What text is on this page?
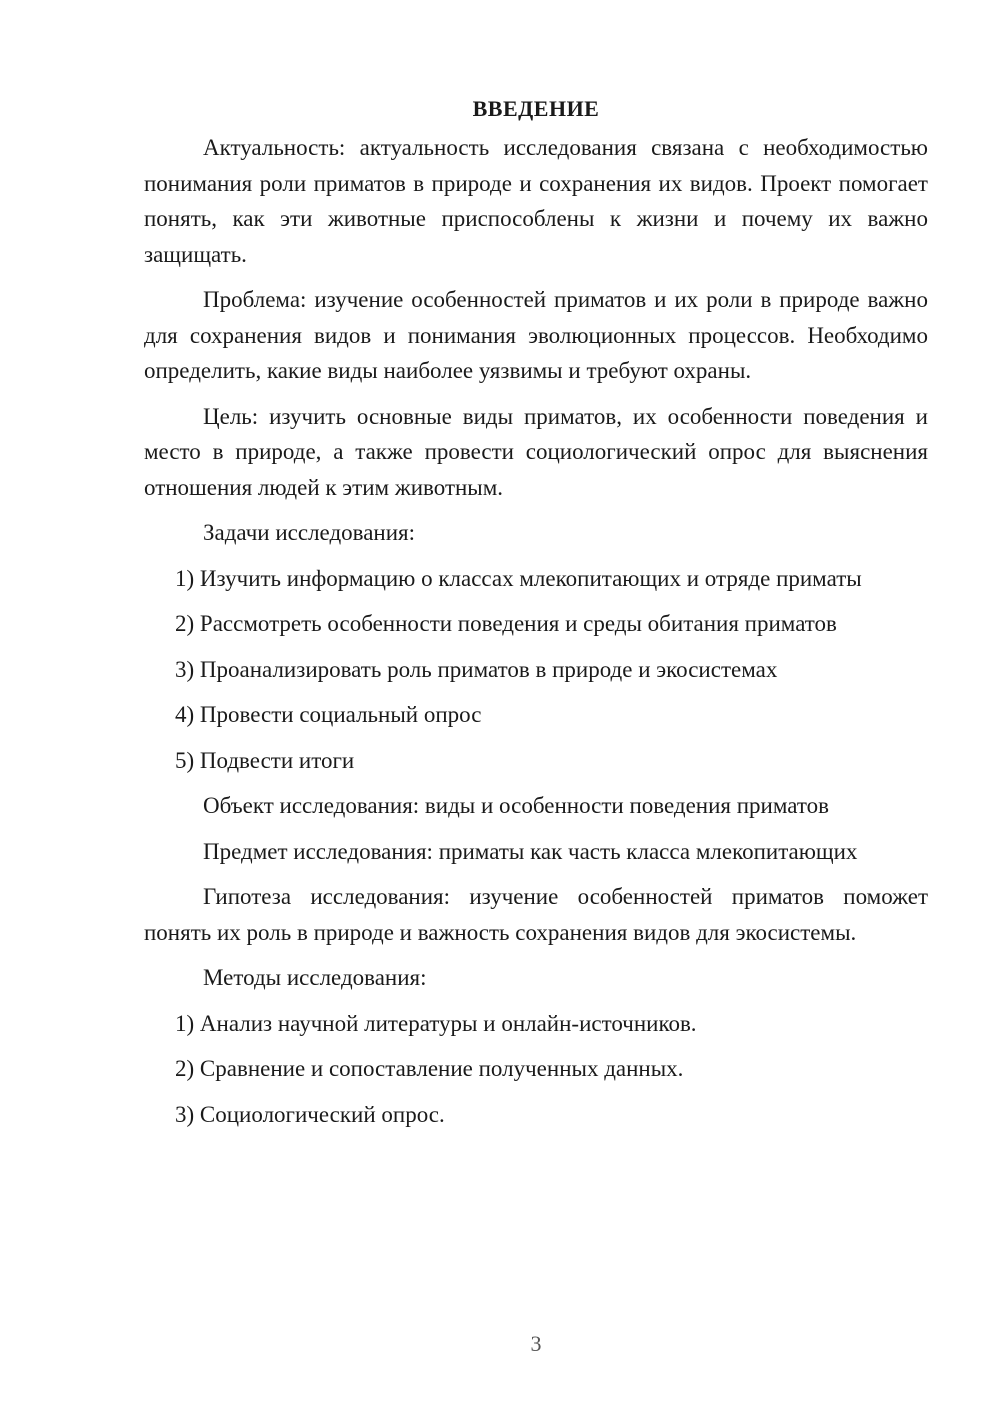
ВВЕДЕНИЕ

Актуальность: актуальность исследования связана с необходимостью понимания роли приматов в природе и сохранения их видов. Проект помогает понять, как эти животные приспособлены к жизни и почему их важно защищать.

Проблема: изучение особенностей приматов и их роли в природе важно для сохранения видов и понимания эволюционных процессов. Необходимо определить, какие виды наиболее уязвимы и требуют охраны.

Цель: изучить основные виды приматов, их особенности поведения и место в природе, а также провести социологический опрос для выяснения отношения людей к этим животным.

Задачи исследования:
1) Изучить информацию о классах млекопитающих и отряде приматы
2) Рассмотреть особенности поведения и среды обитания приматов
3) Проанализировать роль приматов в природе и экосистемах
4) Провести социальный опрос
5) Подвести итоги
Объект исследования: виды и особенности поведения приматов
Предмет исследования: приматы как часть класса млекопитающих

Гипотеза исследования: изучение особенностей приматов поможет понять их роль в природе и важность сохранения видов для экосистемы.

Методы исследования:
1) Анализ научной литературы и онлайн-источников.
2) Сравнение и сопоставление полученных данных.
3) Социологический опрос.
3
